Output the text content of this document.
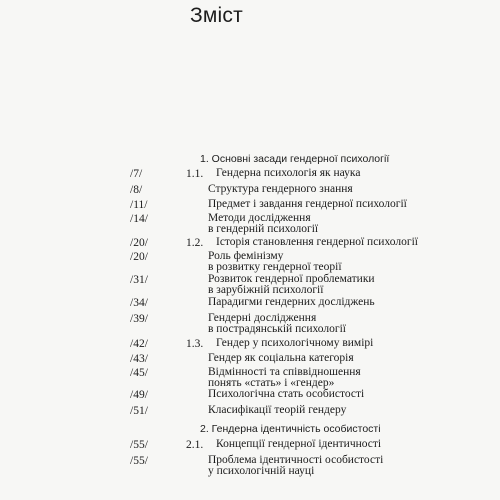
Зміст
1. Основні засади гендерної психології
/7/	1.1. Гендерна психологія як наука
/8/	Структура гендерного знання
/11/	Предмет і завдання гендерної психології
/14/	Методи дослідження
в гендерній психології
/20/	1.2. Історія становлення гендерної психології
/20/	Роль фемінізму
в розвитку гендерної теорії
/31/	Розвиток гендерної проблематики
в зарубіжній психології
/34/	Парадигми гендерних досліджень
/39/	Гендерні дослідження
в пострадянській психології
/42/	1.3. Гендер у психологічному вимірі
/43/	Гендер як соціальна категорія
/45/	Відмінності та співвідношення
понять «стать» і «гендер»
/49/	Психологічна стать особистості
/51/	Класифікації теорій гендеру
2. Гендерна ідентичність особистості
/55/	2.1. Концепції гендерної ідентичності
/55/	Проблема ідентичності особистості
у психологічній науці
